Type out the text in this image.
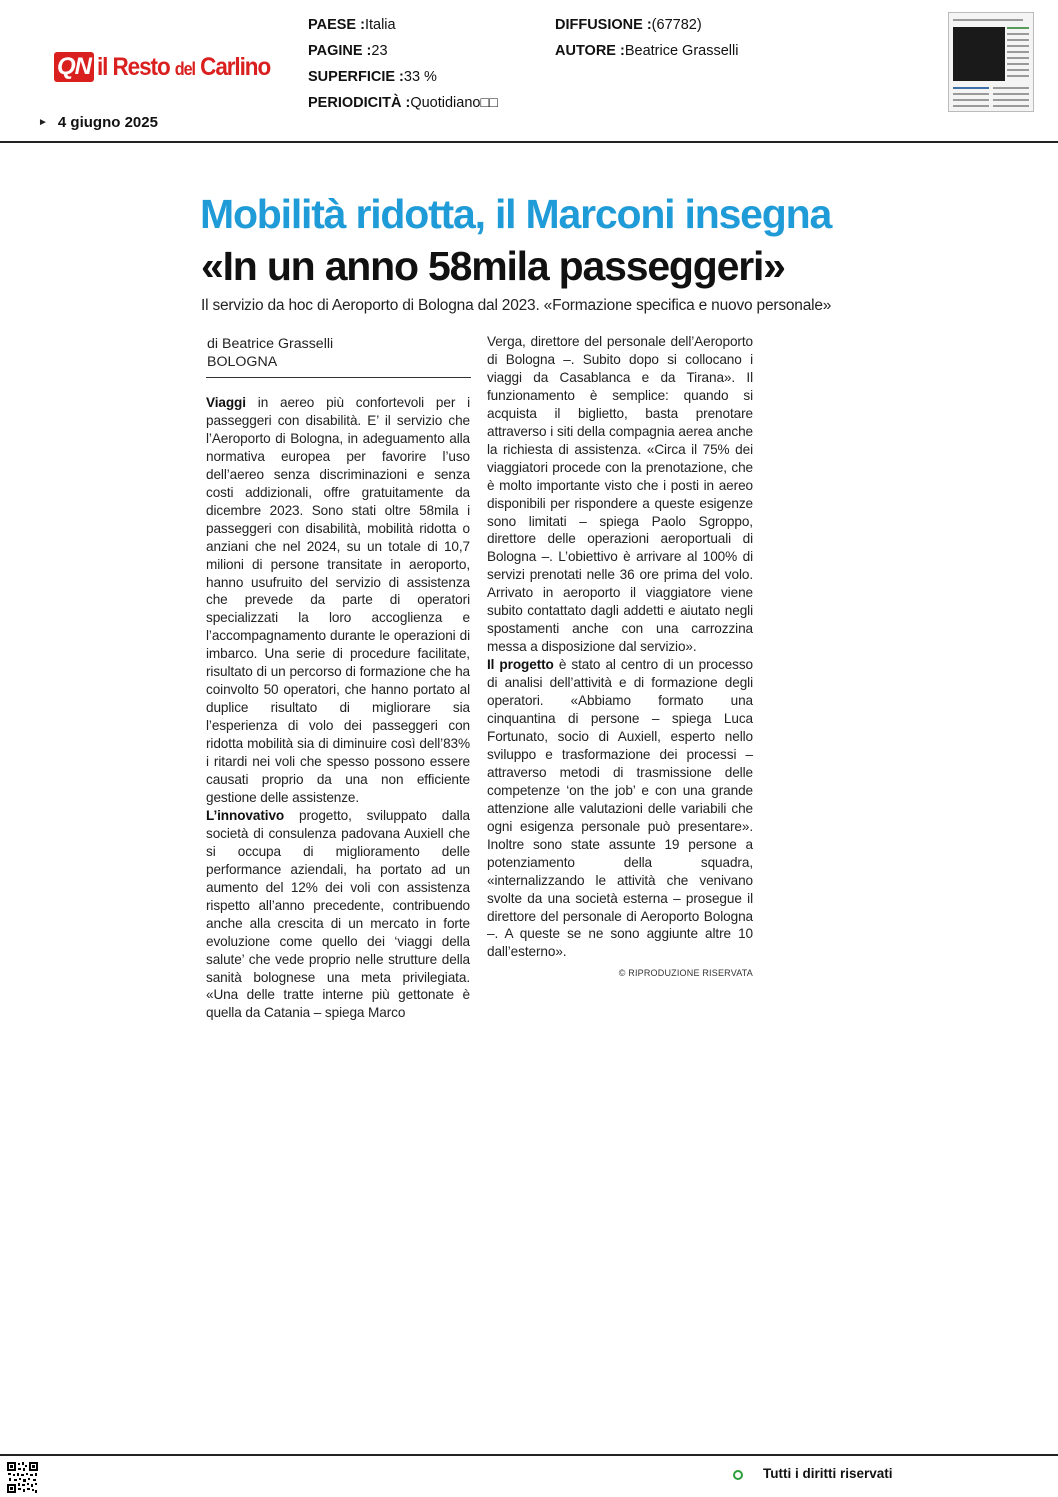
QN il Resto del Carlino
► 4 giugno 2025
PAESE :Italia
PAGINE :23
SUPERFICIE :33 %
PERIODICITÀ :Quotidiano□□
DIFFUSIONE :(67782)
AUTORE :Beatrice Grasselli
Mobilità ridotta, il Marconi insegna
«In un anno 58mila passeggeri»
Il servizio da hoc di Aeroporto di Bologna dal 2023. «Formazione specifica e nuovo personale»
di Beatrice Grasselli
BOLOGNA

Viaggi in aereo più confortevoli per i passeggeri con disabilità. E’ il servizio che l’Aeroporto di Bologna, in adeguamento alla normativa europea per favorire l’uso dell’aereo senza discriminazioni e senza costi addizionali, offre gratuitamente da dicembre 2023. Sono stati oltre 58mila i passeggeri con disabilità, mobilità ridotta o anziani che nel 2024, su un totale di 10,7 milioni di persone transitate in aeroporto, hanno usufruito del servizio di assistenza che prevede da parte di operatori specializzati la loro accoglienza e l’accompagnamento durante le operazioni di imbarco. Una serie di procedure facilitate, risultato di un percorso di formazione che ha coinvolto 50 operatori, che hanno portato al duplice risultato di migliorare sia l’esperienza di volo dei passeggeri con ridotta mobilità sia di diminuire così dell’83% i ritardi nei voli che spesso possono essere causati proprio da una non efficiente gestione delle assistenze.

L’innovativo progetto, sviluppato dalla società di consulenza padovana Auxiell che si occupa di miglioramento delle performance aziendali, ha portato ad un aumento del 12% dei voli con assistenza rispetto all’anno precedente, contribuendo anche alla crescita di un mercato in forte evoluzione come quello dei ‘viaggi della salute’ che vede proprio nelle strutture della sanità bolognese una meta privilegiata. «Una delle tratte interne più gettonate è quella da Catania – spiega Marco

Verga, direttore del personale dell’Aeroporto di Bologna –. Subito dopo si collocano i viaggi da Casablanca e da Tirana». Il funzionamento è semplice: quando si acquista il biglietto, basta prenotare attraverso i siti della compagnia aerea anche la richiesta di assistenza. «Circa il 75% dei viaggiatori procede con la prenotazione, che è molto importante visto che i posti in aereo disponibili per rispondere a queste esigenze sono limitati – spiega Paolo Sgroppo, direttore delle operazioni aeroportuali di Bologna –. L’obiettivo è arrivare al 100% di servizi prenotati nelle 36 ore prima del volo. Arrivato in aeroporto il viaggiatore viene subito contattato dagli addetti e aiutato negli spostamenti anche con una carrozzina messa a disposizione dal servizio».

Il progetto è stato al centro di un processo di analisi dell’attività e di formazione degli operatori. «Abbiamo formato una cinquantina di persone – spiega Luca Fortunato, socio di Auxiell, esperto nello sviluppo e trasformazione dei processi – attraverso metodi di trasmissione delle competenze ‘on the job’ e con una grande attenzione alle valutazioni delle variabili che ogni esigenza personale può presentare». Inoltre sono state assunte 19 persone a potenziamento della squadra, «internalizzando le attività che venivano svolte da una società esterna – prosegue il direttore del personale di Aeroporto Bologna –. A queste se ne sono aggiunte altre 10 dall’esterno».

© RIPRODUZIONE RISERVATA
Tutti i diritti riservati
